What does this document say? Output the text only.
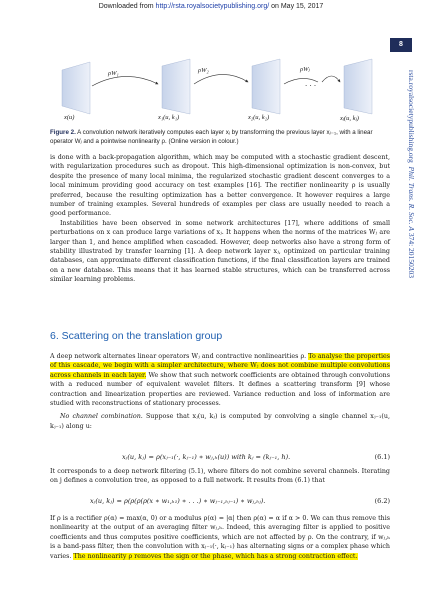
Downloaded from http://rsta.royalsocietypublishing.org/ on May 15, 2017
8
rsta.royalsocietypublishing.org  Phil. Trans. R. Soc. A 374: 20150203
. . .
ρW₁	ρW₂	ρWⱼ
x(u)	x₁(u, k₁)	x₂(u, k₂)	xⱼ(u, kⱼ)
Figure 2. A convolution network iteratively computes each layer xⱼ by transforming the previous layer xⱼ₋₁, with a linear operator Wⱼ and a pointwise nonlinearity ρ. (Online version in colour.)

is done with a back-propagation algorithm, which may be computed with a stochastic gradient descent, with regularization procedures such as dropout. This high-dimensional optimization is non-convex, but despite the presence of many local minima, the regularized stochastic gradient descent converges to a local minimum providing good accuracy on test examples [16]. The rectifier nonlinearity ρ is usually preferred, because the resulting optimization has a better convergence. It however requires a large number of training examples. Several hundreds of examples per class are usually needed to reach a good performance.

Instabilities have been observed in some network architectures [17], where additions of small perturbations on x can produce large variations of xⱼ. It happens when the norms of the matrices Wⱼ are larger than 1, and hence amplified when cascaded. However, deep networks also have a strong form of stability illustrated by transfer learning [1]. A deep network layer xⱼ, optimized on particular training databases, can approximate different classification functions, if the final classification layers are trained on a new database. This means that it has learned stable structures, which can be transferred across similar learning problems.

6. Scattering on the translation group

A deep network alternates linear operators Wⱼ and contractive nonlinearities ρ. To analyse the properties of this cascade, we begin with a simpler architecture, where Wⱼ does not combine multiple convolutions across channels in each layer. We show that such network coefficients are obtained through convolutions with a reduced number of equivalent wavelet filters. It defines a scattering transform [9] whose contraction and linearization properties are reviewed. Variance reduction and loss of information are studied with reconstructions of stationary processes.

No channel combination. Suppose that xⱼ(u, kⱼ) is computed by convolving a single channel xⱼ₋₁(u, kⱼ₋₁) along u:

xⱼ(u, kⱼ) = ρ(xⱼ₋₁(·, kⱼ₋₁) ∗ wⱼ,ₕ(u)) with kⱼ = (kⱼ₋₁, h).	(6.1)

It corresponds to a deep network filtering (5.1), where filters do not combine several channels. Iterating on j defines a convolution tree, as opposed to a full network. It results from (6.1) that

xⱼ(u, kⱼ) = ρ(ρ(ρ(ρ(x ∗ w₁,ₕ₁) ∗ . . .) ∗ wⱼ₋₁,ₕⱼ₋₁) ∗ wⱼ,ₕⱼ).	(6.2)

If ρ is a rectifier ρ(α) = max(α, 0) or a modulus ρ(α) = |α| then ρ(α) = α if α > 0. We can thus remove this nonlinearity at the output of an averaging filter wⱼ,ₕ. Indeed, this averaging filter is applied to positive coefficients and thus computes positive coefficients, which are not affected by ρ. On the contrary, if wⱼ,ₕ is a band-pass filter, then the convolution with xⱼ₋₁(·, kⱼ₋₁) has alternating signs or a complex phase which varies. The nonlinearity ρ removes the sign or the phase, which has a strong contraction effect.
